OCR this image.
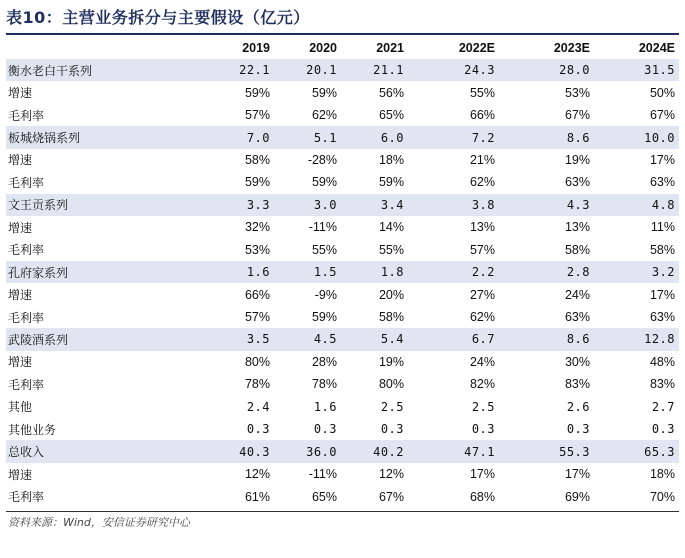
表10：主营业务拆分与主要假设（亿元）
	2019	2020	2021	2022E	2023E	2024E
衡水老白干系列	22.1	20.1	21.1	24.3	28.0	31.5
增速	59%	59%	56%	55%	53%	50%
毛利率	57%	62%	65%	66%	67%	67%
板城烧锅系列	7.0	5.1	6.0	7.2	8.6	10.0
增速	58%	-28%	18%	21%	19%	17%
毛利率	59%	59%	59%	62%	63%	63%
文王贡系列	3.3	3.0	3.4	3.8	4.3	4.8
增速	32%	-11%	14%	13%	13%	11%
毛利率	53%	55%	55%	57%	58%	58%
孔府家系列	1.6	1.5	1.8	2.2	2.8	3.2
增速	66%	-9%	20%	27%	24%	17%
毛利率	57%	59%	58%	62%	63%	63%
武陵酒系列	3.5	4.5	5.4	6.7	8.6	12.8
增速	80%	28%	19%	24%	30%	48%
毛利率	78%	78%	80%	82%	83%	83%
其他	2.4	1.6	2.5	2.5	2.6	2.7
其他业务	0.3	0.3	0.3	0.3	0.3	0.3
总收入	40.3	36.0	40.2	47.1	55.3	65.3
增速	12%	-11%	12%	17%	17%	18%
毛利率	61%	65%	67%	68%	69%	70%
资料来源：Wind，安信证券研究中心
